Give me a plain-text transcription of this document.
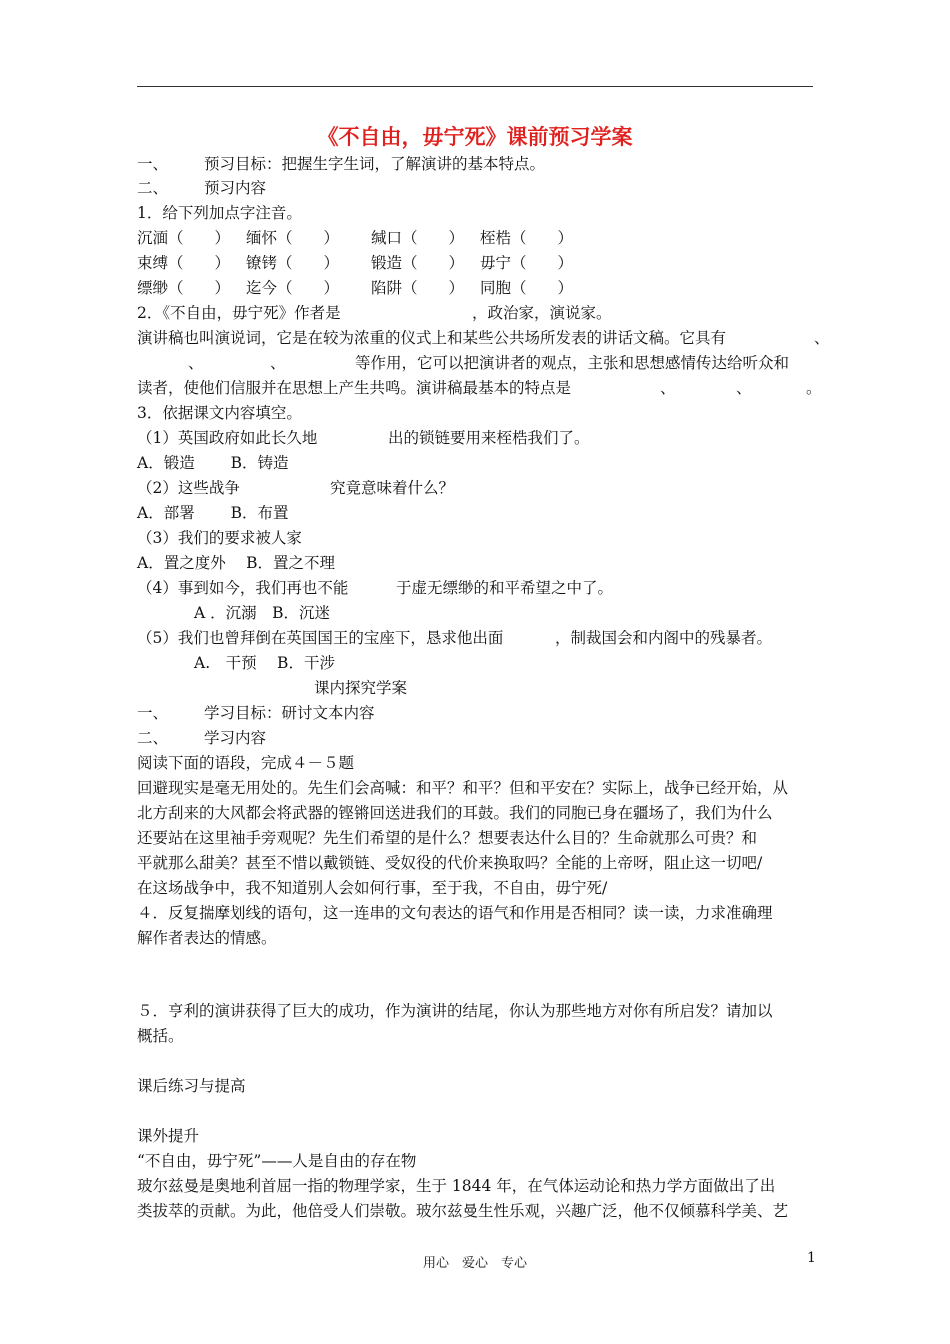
《不自由，毋宁死》课前预习学案
一、 预习目标：把握生字生词，了解演讲的基本特点。
二、 预习内容
1．给下列加点字注音。
沉湎（　　） 缅怀（　　） 缄口（　　） 桎梏（　　）
束缚（　　） 镣铐（　　） 锻造（　　） 毋宁（　　）
缥缈（　　） 迄今（　　） 陷阱（　　） 同胞（　　）
2．《不自由，毋宁死》作者是	，政治家，演说家。
演讲稿也叫演说词，它是在较为浓重的仪式上和某些公共场所发表的讲话文稿。它具有	、
、	、	等作用，它可以把演讲者的观点，主张和思想感情传达给听众和
读者，使他们信服并在思想上产生共鸣。演讲稿最基本的特点是	、	、	。
3．依据课文内容填空。
（1）英国政府如此长久地	出的锁链要用来桎梏我们了。
A．锻造　　 B．铸造
（2）这些战争	究竟意味着什么？
A．部署　　 B．布置
（3）我们的要求被人家
A．置之度外　 B．置之不理
（4）事到如今，我们再也不能	于虚无缥缈的和平希望之中了。
A ．沉溺　B．沉迷
（5）我们也曾拜倒在英国国王的宝座下，恳求他出面	，制裁国会和内阁中的残暴者。
A.　干预　 B．干涉
课内探究学案
一、 学习目标：研讨文本内容
二、 学习内容
阅读下面的语段，完成４－５题
回避现实是毫无用处的。先生们会高喊：和平？和平？但和平安在？实际上，战争已经开始，从
北方刮来的大风都会将武器的铿锵回送进我们的耳鼓。我们的同胞已身在疆场了，我们为什么
还要站在这里袖手旁观呢？先生们希望的是什么？想要表达什么目的？生命就那么可贵？和
平就那么甜美？甚至不惜以戴锁链、受奴役的代价来换取吗？全能的上帝呀，阻止这一切吧/
在这场战争中，我不知道别人会如何行事，至于我，不自由，毋宁死/
４．反复揣摩划线的语句，这一连串的文句表达的语气和作用是否相同？读一读，力求准确理
解作者表达的情感。
５．亨利的演讲获得了巨大的成功，作为演讲的结尾，你认为那些地方对你有所启发？请加以
概括。
课后练习与提高
课外提升
“不自由，毋宁死”——人是自由的存在物
玻尔兹曼是奥地利首屈一指的物理学家，生于 1844 年，在气体运动论和热力学方面做出了出
类拔萃的贡献。为此，他倍受人们崇敬。玻尔兹曼生性乐观，兴趣广泛，他不仅倾慕科学美、艺
用心　爱心　专心	1
